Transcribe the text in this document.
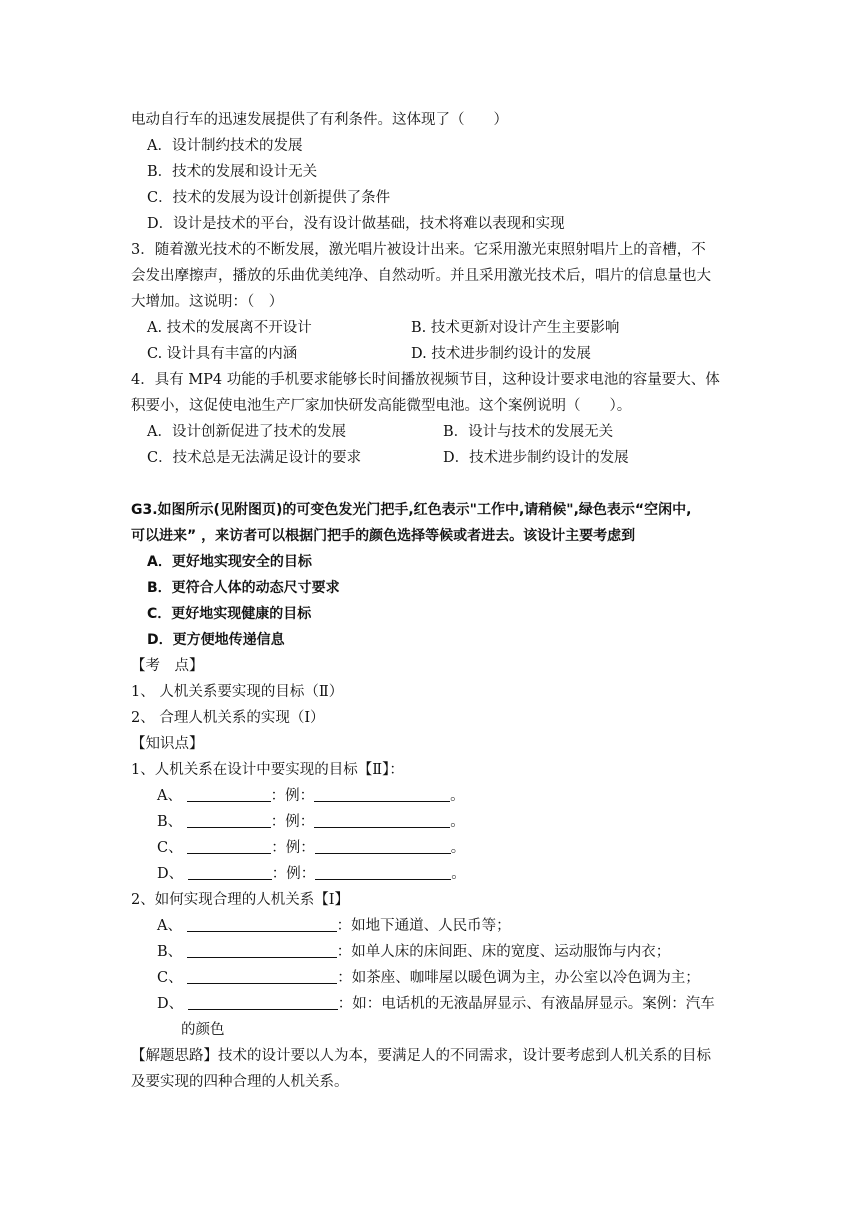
电动自行车的迅速发展提供了有利条件。这体现了（　　）
A．设计制约技术的发展
B．技术的发展和设计无关
C．技术的发展为设计创新提供了条件
D．设计是技术的平台，没有设计做基础，技术将难以表现和实现
3．随着激光技术的不断发展，激光唱片被设计出来。它采用激光束照射唱片上的音槽，不
会发出摩擦声，播放的乐曲优美纯净、自然动听。并且采用激光技术后，唱片的信息量也大
大增加。这说明：（　）
A. 技术的发展离不开设计	B. 技术更新对设计产生主要影响
C. 设计具有丰富的内涵	D. 技术进步制约设计的发展
4．具有 MP4 功能的手机要求能够长时间播放视频节目，这种设计要求电池的容量要大、体
积要小，这促使电池生产厂家加快研发高能微型电池。这个案例说明（　　）。
A．设计创新促进了技术的发展	B．设计与技术的发展无关
C．技术总是无法满足设计的要求	D．技术进步制约设计的发展
G3.如图所示(见附图页)的可变色发光门把手,红色表示"工作中,请稍候",绿色表示“空闲中,
可以进来” ，来访者可以根据门把手的颜色选择等候或者进去。该设计主要考虑到
A．更好地实现安全的目标
B．更符合人体的动态尺寸要求
C．更好地实现健康的目标
D．更方便地传递信息
【考　点】
1、 人机关系要实现的目标（Ⅱ）
2、 合理人机关系的实现（Ⅰ）
【知识点】
1、人机关系在设计中要实现的目标【Ⅱ】：
A、	：例：	。
B、	：例：	。
C、	：例：	。
D、	：例：	。
2、如何实现合理的人机关系【Ⅰ】
A、	：如地下通道、人民币等；
B、	：如单人床的床间距、床的宽度、运动服饰与内衣；
C、	：如茶座、咖啡屋以暖色调为主，办公室以冷色调为主；
D、	：如：电话机的无液晶屏显示、有液晶屏显示。案例：汽车
的颜色
【解题思路】技术的设计要以人为本，要满足人的不同需求，设计要考虑到人机关系的目标
及要实现的四种合理的人机关系。
